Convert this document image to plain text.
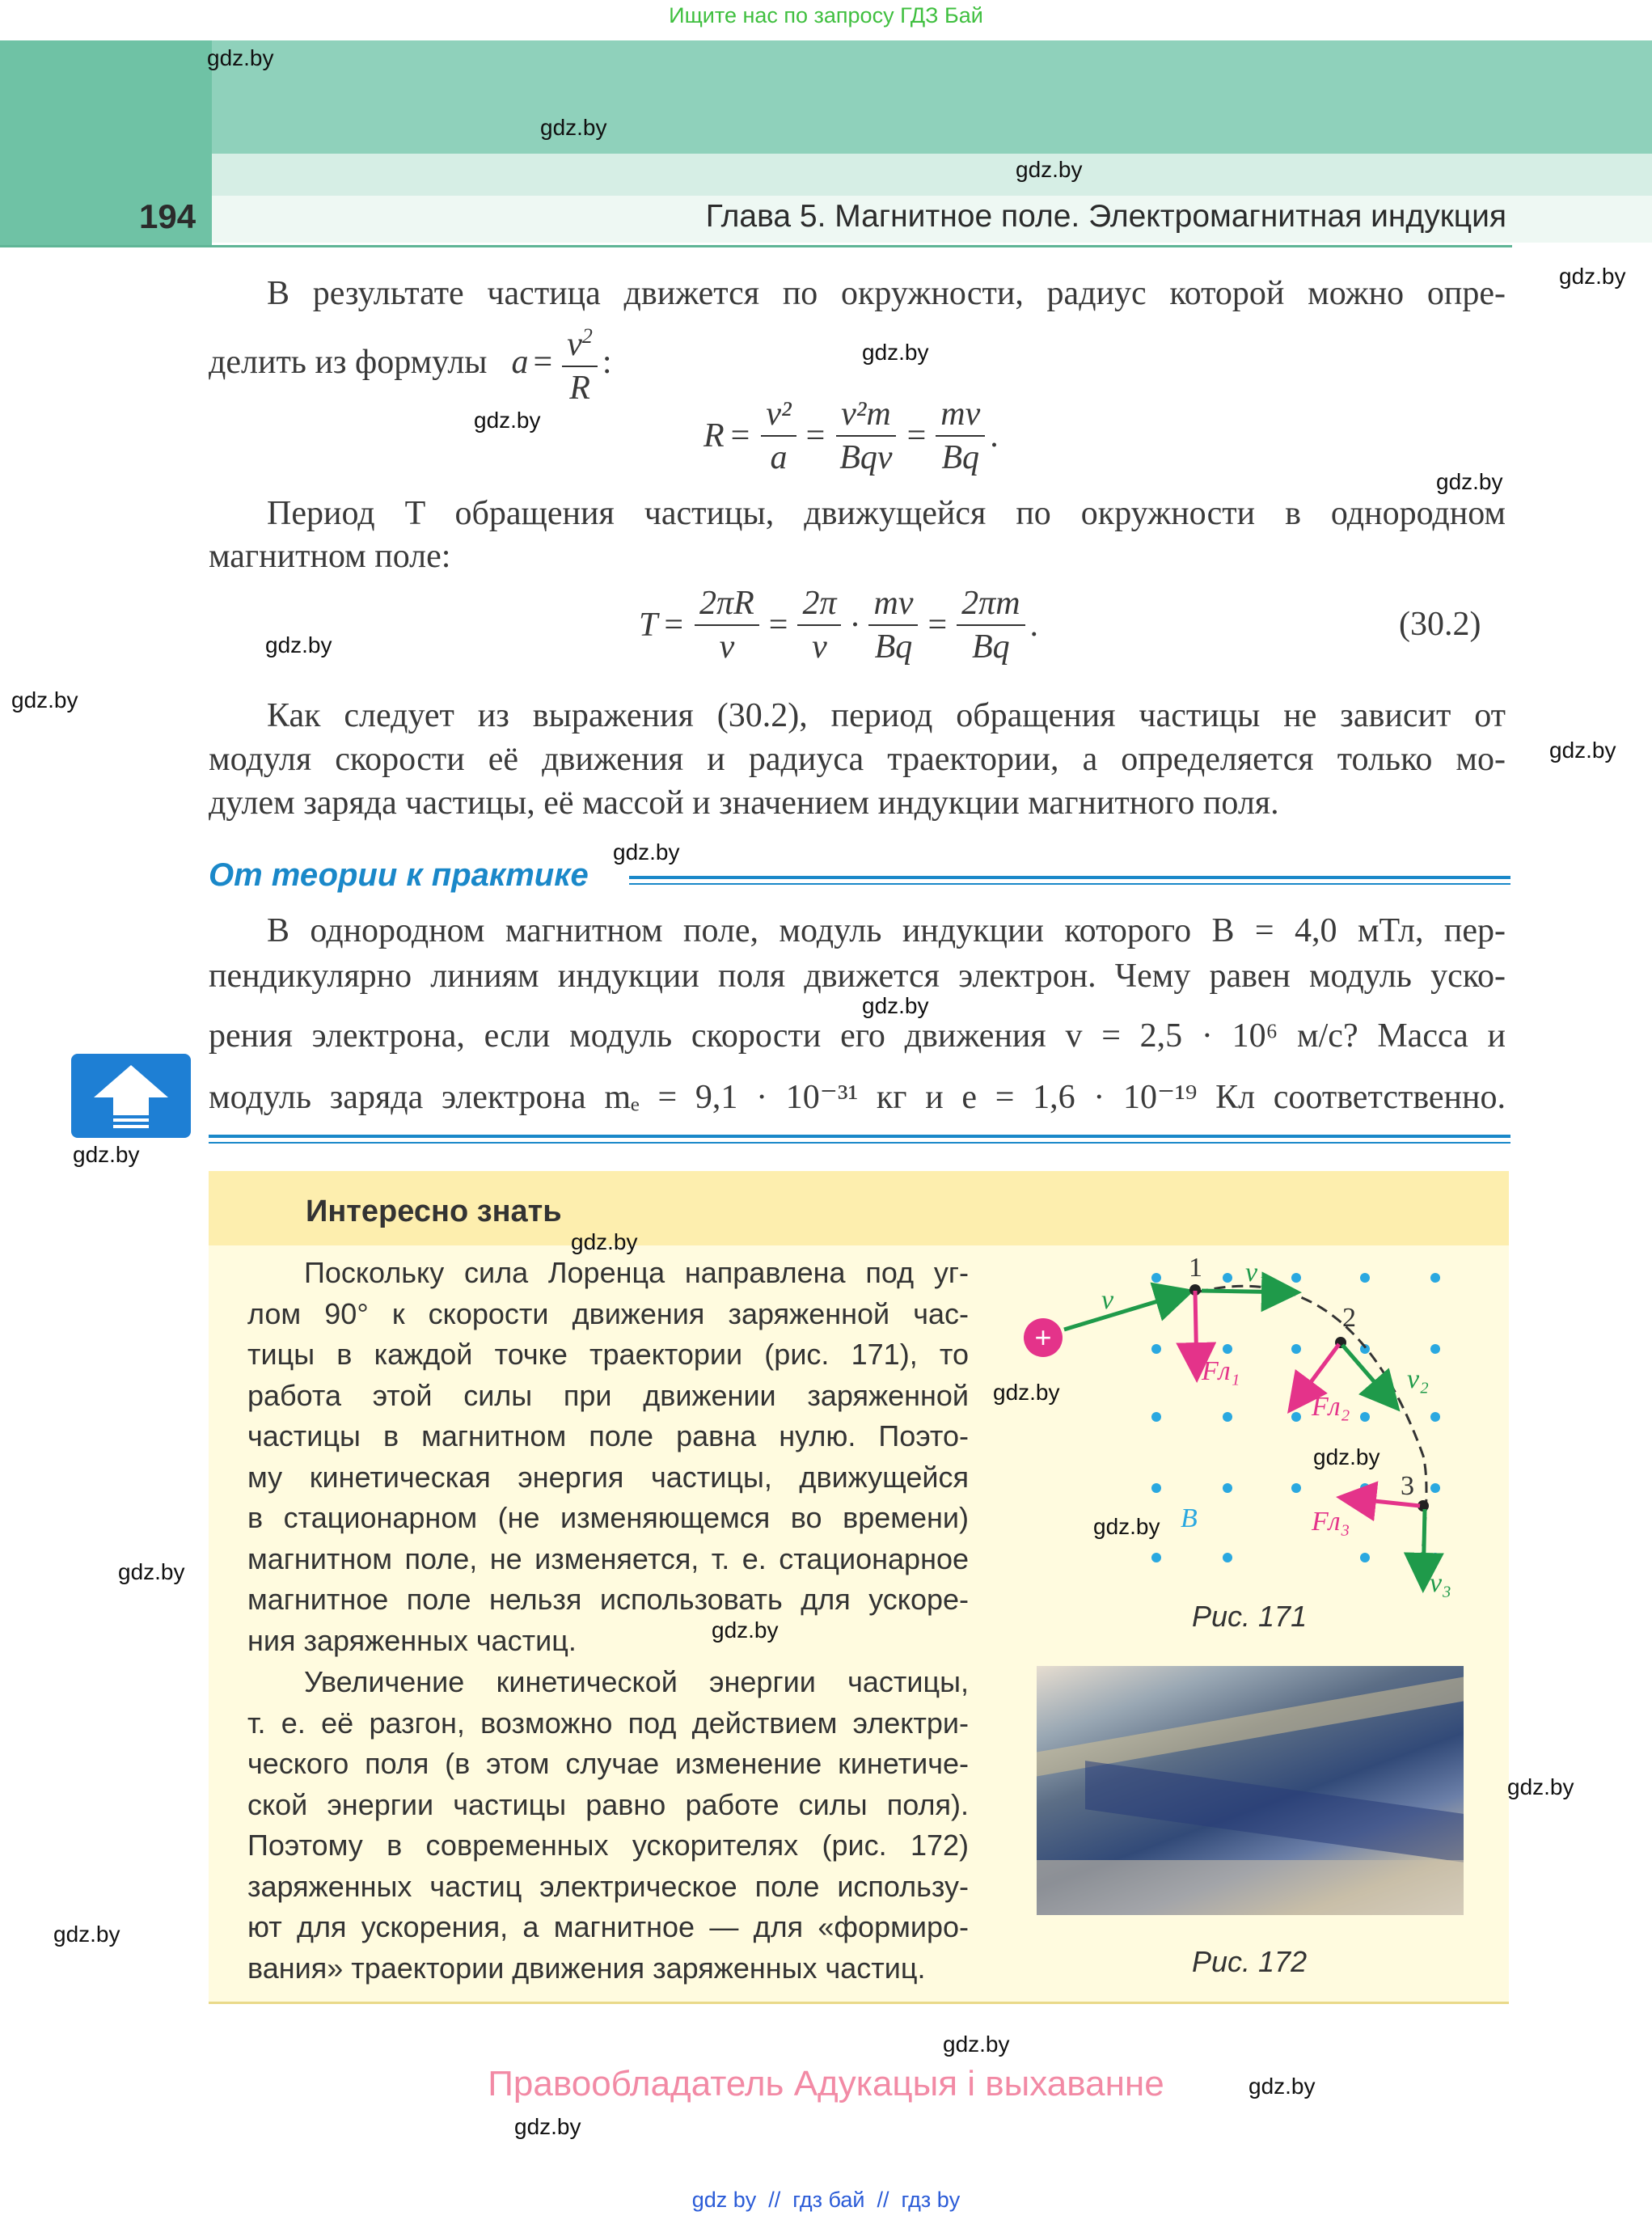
Ищите нас по запросу ГДЗ Бай
194	Глава 5. Магнитное поле. Электромагнитная индукция
В результате частица движется по окружности, радиус которой можно опре-
делить из формулы $a = \frac{v^2}{R}$ :
$R = \frac{\text{v²}}{a} = \frac{\text{v²m}}{\text{Bqv}} = \frac{mv}{Bq}$ .
Период T обращения частицы, движущейся по окружности в однородном
магнитном поле:
$T = \frac{2\pi R}{v} = \frac{2\pi}{v} \cdot \frac{mv}{Bq} = \frac{2\pi m}{Bq}$ .	(30.2)
Как следует из выражения (30.2), период обращения частицы не зависит от
модуля скорости её движения и радиуса траектории, а определяется только мо-
дулем заряда частицы, её массой и значением индукции магнитного поля.
От теории к практике
В однородном магнитном поле, модуль индукции которого B = 4,0 мТл, пер-
пендикулярно линиям индукции поля движется электрон. Чему равен модуль уско-
рения электрона, если модуль скорости его движения v = 2,5 · 10⁶ м/с? Масса и
модуль заряда электрона mₑ = 9,1 · 10⁻³¹ кг и e = 1,6 · 10⁻¹⁹ Кл соответственно.
Интересно знать
Поскольку сила Лоренца направлена под уг-
лом 90° к скорости движения заряженной час-
тицы в каждой точке траектории (рис. 171), то
работа этой силы при движении заряженной
частицы в магнитном поле равна нулю. Поэто-
му кинетическая энергия частицы, движущейся
в стационарном (не изменяющемся во времени)
магнитном поле, не изменяется, т. е. стационарное
магнитное поле нельзя использовать для ускоре-
ния заряженных частиц.
Увеличение кинетической энергии частицы,
т. е. её разгон, возможно под действием электри-
ческого поля (в этом случае изменение кинетиче-
ской энергии частицы равно работе силы поля).
Поэтому в современных ускорителях (рис. 172)
заряженных частиц электрическое поле использу-
ют для ускорения, а магнитное — для «формиро-
вания» траектории движения заряженных частиц.
+
1
2
3
v
v₁
v₂
v₃
Fл₁
Fл₂
Fл₃
B
Рис. 171
Рис. 172
Правообладатель Адукацыя і выхаванне
gdz by  //  гдз бай  //  гдз by
gdz.by
gdz.by
gdz.by
gdz.by
gdz.by
gdz.by
gdz.by
gdz.by
gdz.by
gdz.by
gdz.by
gdz.by
gdz.by
gdz.by
gdz.by
gdz.by
gdz.by
gdz.by
gdz.by
gdz.by
gdz.by
gdz.by
gdz.by
gdz.by
